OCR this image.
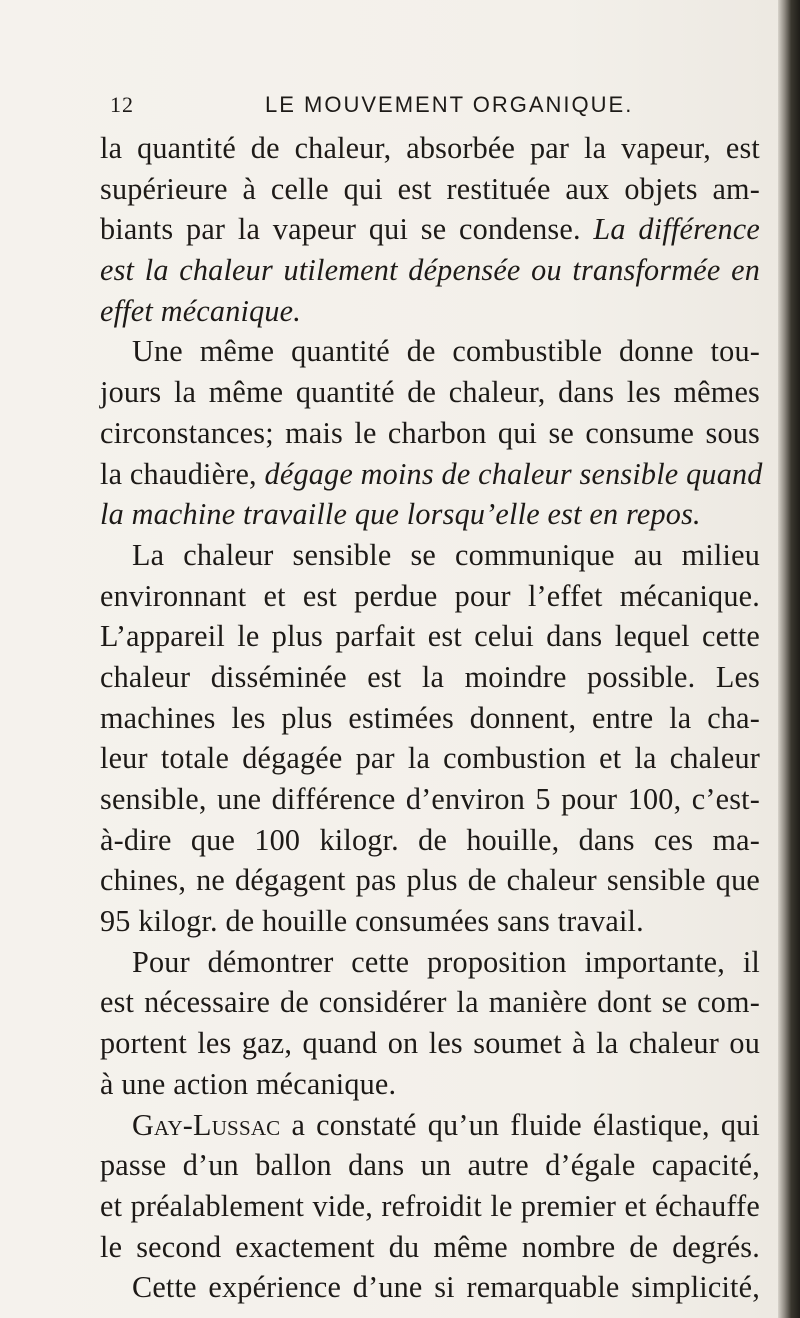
12	LE MOUVEMENT ORGANIQUE.
la quantité de chaleur, absorbée par la vapeur, est
supérieure à celle qui est restituée aux objets am-
biants par la vapeur qui se condense. La différence
est la chaleur utilement dépensée ou transformée en
effet mécanique.
Une même quantité de combustible donne tou-
jours la même quantité de chaleur, dans les mêmes
circonstances; mais le charbon qui se consume sous
la chaudière, dégage moins de chaleur sensible quand
la machine travaille que lorsqu’elle est en repos.
La chaleur sensible se communique au milieu
environnant et est perdue pour l’effet mécanique.
L’appareil le plus parfait est celui dans lequel cette
chaleur disséminée est la moindre possible. Les
machines les plus estimées donnent, entre la cha-
leur totale dégagée par la combustion et la chaleur
sensible, une différence d’environ 5 pour 100, c’est-
à-dire que 100 kilogr. de houille, dans ces ma-
chines, ne dégagent pas plus de chaleur sensible que
95 kilogr. de houille consumées sans travail.
Pour démontrer cette proposition importante, il
est nécessaire de considérer la manière dont se com-
portent les gaz, quand on les soumet à la chaleur ou
à une action mécanique.
Gay-Lussac a constaté qu’un fluide élastique, qui
passe d’un ballon dans un autre d’égale capacité,
et préalablement vide, refroidit le premier et échauffe
le second exactement du même nombre de degrés.
Cette expérience d’une si remarquable simplicité,
